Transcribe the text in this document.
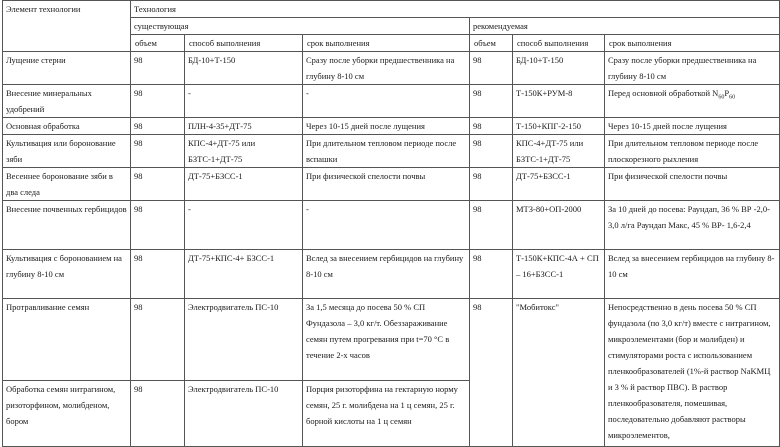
Элемент технологии	Технология					
	существующая			рекомендуемая		
	объем	способ выполнения	срок выполнения	объем	способ выполнения	срок выполнения
Лущение стерни	98	БД-10+Т-150	Сразу после уборки предшественника на глубину 8-10 см	98	БД-10+Т-150	Сразу после уборки предшественника на глубину 8-10 см
Внесение минеральных удобрений	98	-	-	98	Т-150К+РУМ-8	Перед основной обработкой $N_{60}P_{60}$
Основная обработка	98	ПЛН-4-35+ДТ-75	Через 10-15 дней после лущения	98	Т-150+КПГ-2-150	Через 10-15 дней после лущения
Культивация или боронование зяби	98	КПС-4+ДТ-75 или БЗТС-1+ДТ-75	При длительном тепловом периоде после вспашки	98	КПС-4+ДТ-75 или БЗТС-1+ДТ-75	При длительном тепловом периоде после плоскорезного рыхления
Весеннее боронование зяби в два следа	98	ДТ-75+БЗСС-1	При физической спелости почвы	98	ДТ-75+БЗСС-1	При физической спелости почвы
Внесение почвенных гербицидов	98	-	-	98	МТЗ-80+ОП-2000	За 10 дней до посева: Раундап, 36 % ВР -2,0-3,0 л/га Раундап Макс, 45 % ВР- 1,6-2,4
Культивация с боронованием на глубину 8-10 см	98	ДТ-75+КПС-4+ БЗСС-1	Вслед за внесением гербицидов на глубину 8-10 см	98	Т-150К+КПС-4А + СП – 16+БЗСС-1	Вслед за внесением гербицидов на глубину 8-10 см
Протравливание семян	98	Электродвигатель ПС-10	За 1,5 месяца до посева 50 % СП Фундазола – 3,0 кг/т. Обеззараживание семян путем прогревания при t=70 °С в течение 2-х часов	98	"Мобитокс"	Непосредственно в день посева 50 % СП фундазола (по 3,0 кг/т) вместе с нитрагином, микроэлементами (бор и молибден) и стимуляторами роста с использованием пленкообразователей (1%-й раствор NaKMЦ и 3 % й раствор ПВС). В раствор пленкообразователя, помешивая, последовательно добавляют растворы микроэлементов,
Обработка семян нитрагином, ризоторфином, молибденом, бором	98	Электродвигатель ПС-10	Порция ризоторфина на гектарную норму семян, 25 г. молибдена на 1 ц семян, 25 г. борной кислоты на 1 ц семян			
